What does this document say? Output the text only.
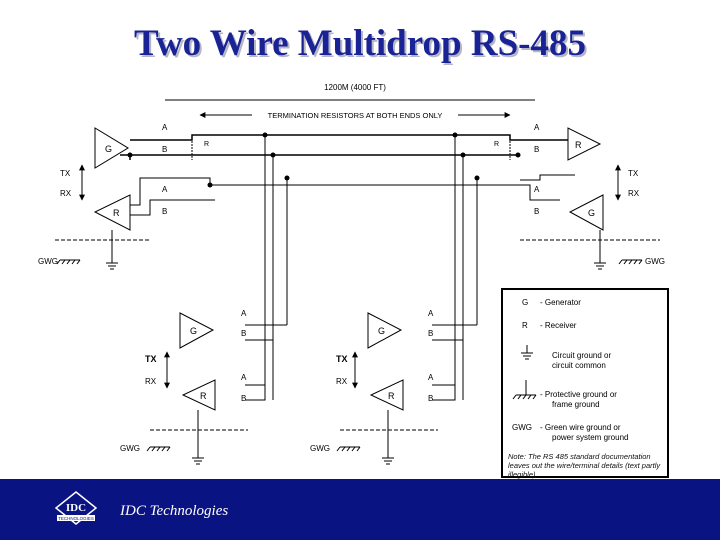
Two Wire Multidrop RS-485
1200M (4000 FT)
TERMINATION RESISTORS AT BOTH ENDS ONLY
G
R
A
B
A
B
TX
RX
R
GWG
R
G
A
B
A
B
TX
RX
R
GWG
G
R
A
B
A
B
TX
RX
GWG
G
R
A
B
A
B
TX
RX
GWG
G - Generator
R - Receiver
Circuit ground or
circuit common
- Protective ground or
frame ground
GWG - Green wire ground or
power system ground
Note: The RS 485 standard documentation leaves out the wire/terminal details (text partly illegible)
IDC
TECHNOLOGIES IDC Technologies
